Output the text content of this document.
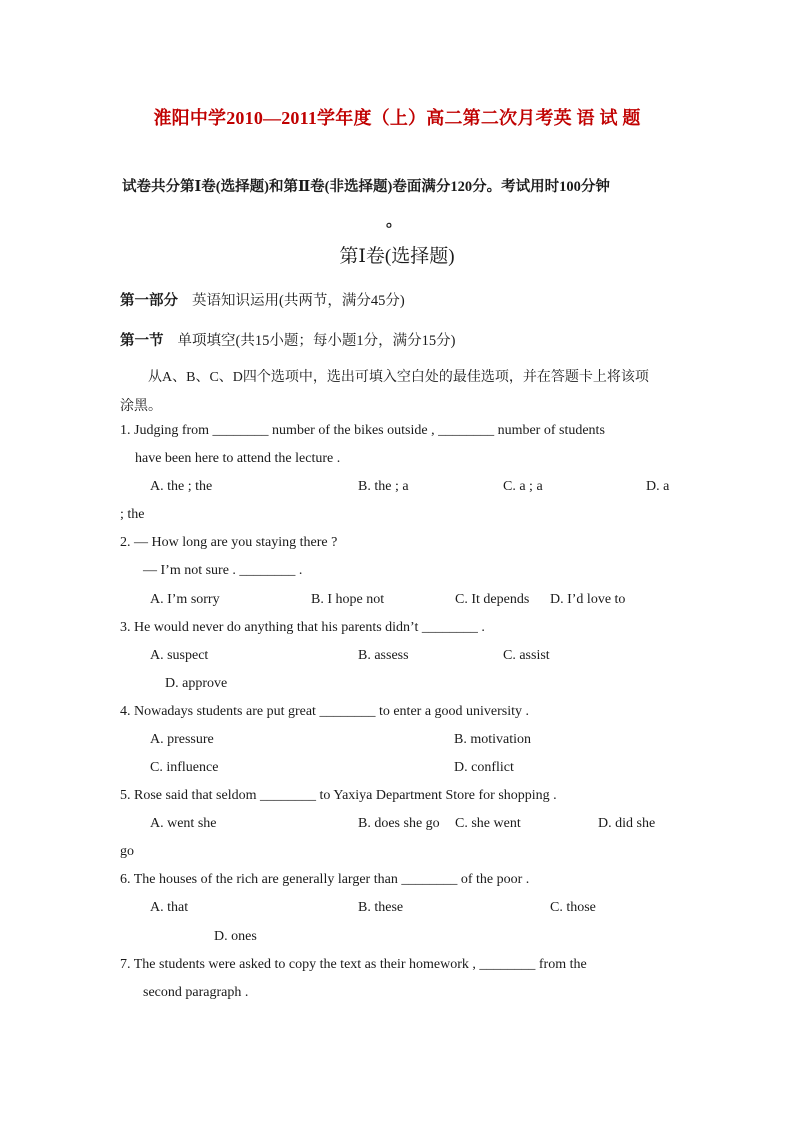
淮阳中学2010—2011学年度（上）高二第二次月考英 语 试 题
试卷共分第Ⅰ卷(选择题)和第Ⅱ卷(非选择题)卷面满分120分。考试用时100分钟
。
第Ⅰ卷(选择题)
第一部分 英语知识运用(共两节，满分45分)
第一节 单项填空(共15小题；每小题1分，满分15分)
从A、B、C、D四个选项中，选出可填入空白处的最佳选项，并在答题卡上将该项
涂黑。
1. Judging from ________ number of the bikes outside , ________ number of students
have been here to attend the lecture .
A. the ; the	B. the ; a	C. a ; a	D. a
; the
2. — How long are you staying there ?
— I’m not sure . ________ .
A. I’m sorry	B. I hope not	C. It depends D. I’d love to
3. He would never do anything that his parents didn’t ________ .
A. suspect	B. assess	C. assist
D. approve
4. Nowadays students are put great ________ to enter a good university .
A. pressure	B. motivation
C. influence	D. conflict
5. Rose said that seldom ________ to Yaxiya Department Store for shopping .
A. went she	B. does she go C. she went	D. did she
go
6. The houses of the rich are generally larger than ________ of the poor .
A. that	B. these	C. those
D. ones
7. The students were asked to copy the text as their homework , ________ from the
second paragraph .
